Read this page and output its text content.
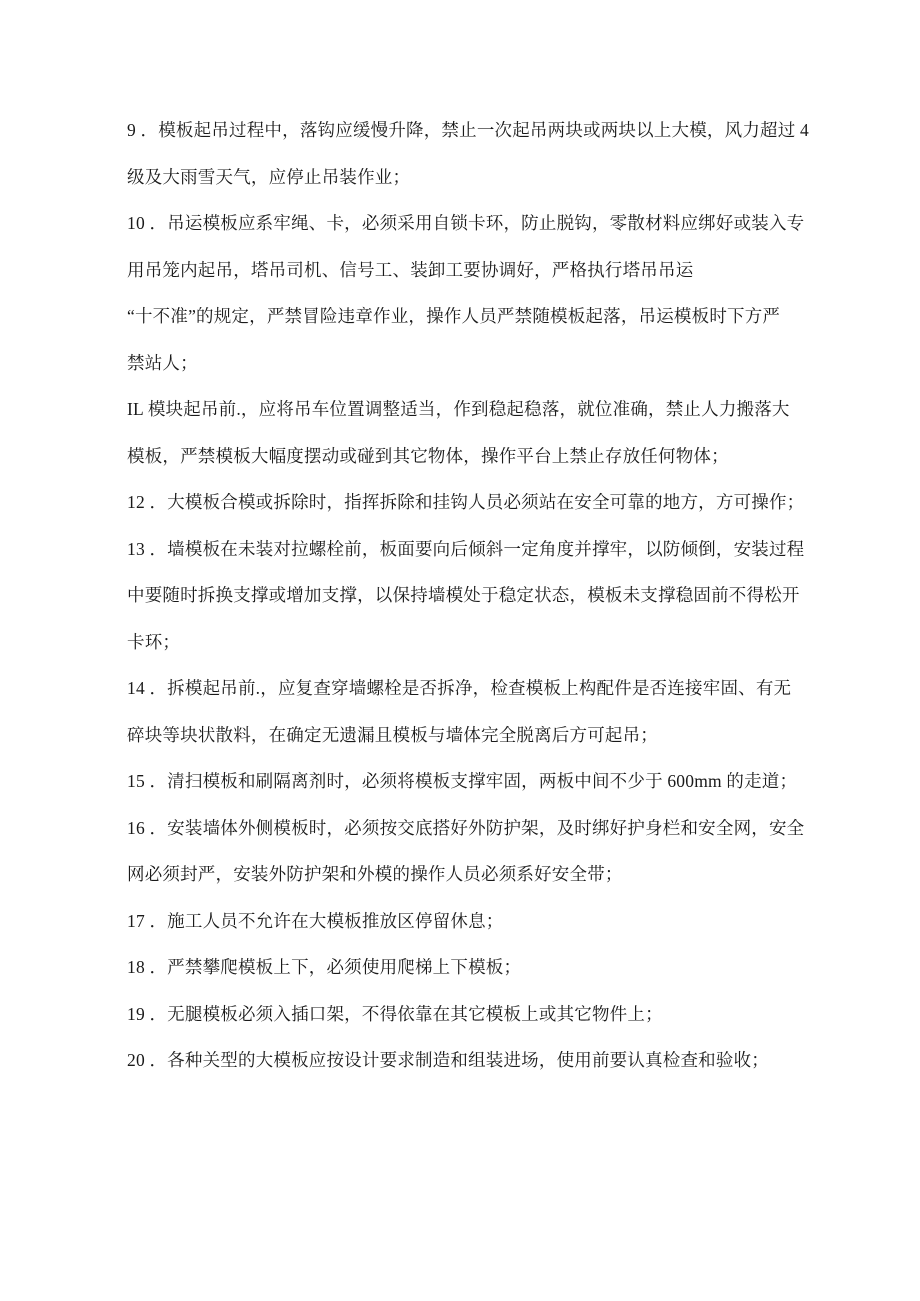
9 ．模板起吊过程中，落钩应缓慢升降，禁止一次起吊两块或两块以上大模，风力超过 4

级及大雨雪天气，应停止吊装作业；

10 ．吊运模板应系牢绳、卡，必须采用自锁卡环，防止脱钩，零散材料应绑好或装入专

用吊笼内起吊，塔吊司机、信号工、装卸工要协调好，严格执行塔吊吊运

“十不准”的规定，严禁冒险违章作业，操作人员严禁随模板起落，吊运模板时下方严

禁站人；

IL 模块起吊前.，应将吊车位置调整适当，作到稳起稳落，就位准确，禁止人力搬落大

模板，严禁模板大幅度摆动或碰到其它物体，操作平台上禁止存放任何物体；

12 ．大模板合模或拆除时，指挥拆除和挂钩人员必须站在安全可靠的地方，方可操作；

13 ．墙模板在未装对拉螺栓前，板面要向后倾斜一定角度并撑牢，以防倾倒，安装过程

中要随时拆换支撑或增加支撑，以保持墙模处于稳定状态，模板未支撑稳固前不得松开

卡环；

14 ．拆模起吊前.，应复查穿墙螺栓是否拆净，检查模板上构配件是否连接牢固、有无

碎块等块状散料，在确定无遗漏且模板与墙体完全脱离后方可起吊；

15 ．清扫模板和刷隔离剂时，必须将模板支撑牢固，两板中间不少于 600mm 的走道；

16 ．安装墙体外侧模板时，必须按交底搭好外防护架，及时绑好护身栏和安全网，安全

网必须封严，安装外防护架和外模的操作人员必须系好安全带；

17 ．施工人员不允许在大模板推放区停留休息；

18 ．严禁攀爬模板上下，必须使用爬梯上下模板；

19 ．无腿模板必须入插口架，不得依靠在其它模板上或其它物件上；

20 ．各种关型的大模板应按设计要求制造和组装进场，使用前要认真检查和验收；
